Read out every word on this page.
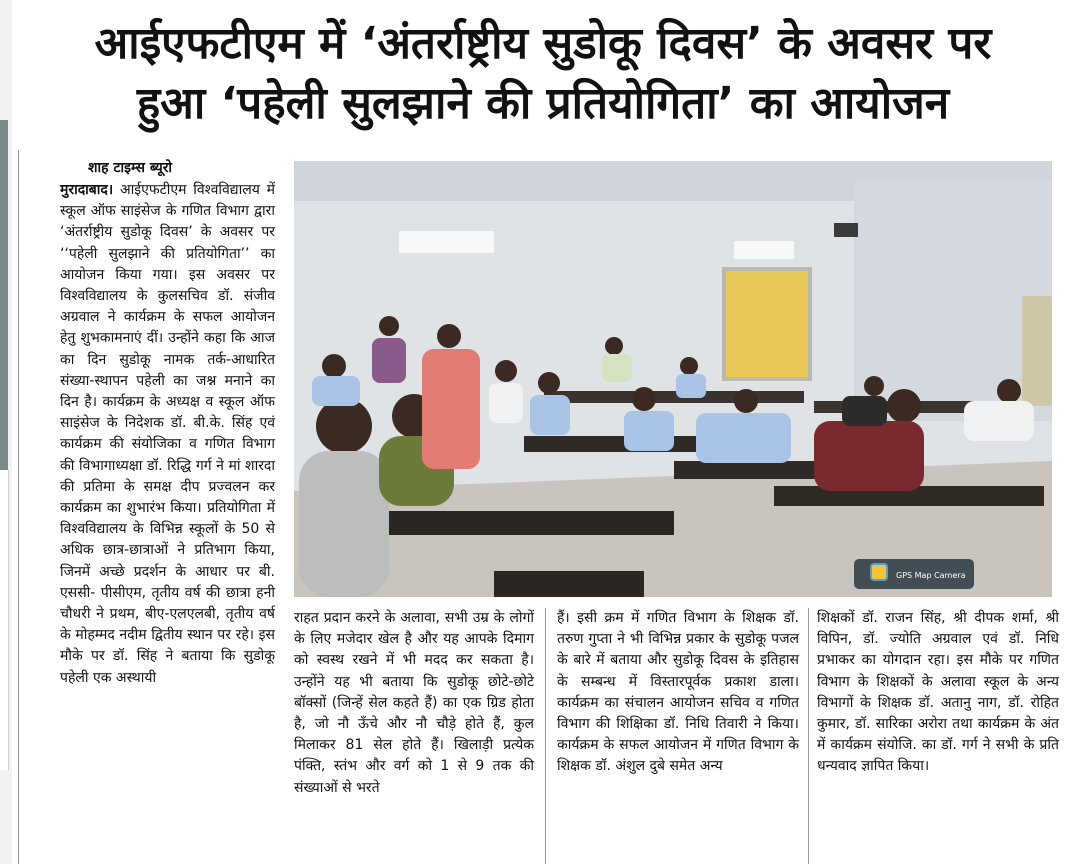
आईएफटीएम में ‘अंतर्राष्ट्रीय सुडोकू दिवस’ के अवसर पर
हुआ ‘पहेली सुलझाने की प्रतियोगिता’ का आयोजन
शाह टाइम्स ब्यूरो
मुरादाबाद। आईएफटीएम विश्वविद्यालय में स्कूल ऑफ साइंसेज के गणित विभाग द्वारा ‘अंतर्राष्ट्रीय सुडोकू दिवस’ के अवसर पर ‘‘पहेली सुलझाने की प्रतियोगिता’’ का आयोजन किया गया। इस अवसर पर विश्वविद्यालय के कुलसचिव डॉ. संजीव अग्रवाल ने कार्यक्रम के सफल आयोजन हेतु शुभकामनाएं दीं। उन्होंने कहा कि आज का दिन सुडोकू नामक तर्क-आधारित संख्या-स्थापन पहेली का जश्न मनाने का दिन है। कार्यक्रम के अध्यक्ष व स्कूल ऑफ साइंसेज के निदेशक डॉ. बी.के. सिंह एवं कार्यक्रम की संयोजिका व गणित विभाग की विभागाध्यक्षा डॉ. रिद्धि गर्ग ने मां शारदा की प्रतिमा के समक्ष दीप प्रज्वलन कर कार्यक्रम का शुभारंभ किया। प्रतियोगिता में विश्वविद्यालय के विभिन्न स्कूलों के 50 से अधिक छात्र-छात्राओं ने प्रतिभाग किया, जिनमें अच्छे प्रदर्शन के आधार पर बी. एससी- पीसीएम, तृतीय वर्ष की छात्रा हनी चौधरी ने प्रथम, बीए-एलएलबी, तृतीय वर्ष के मोहम्मद नदीम द्वितीय स्थान पर रहे। इस मौके पर डॉ. सिंह ने बताया कि सुडोकू पहेली एक अस्थायी
GPS Map Camera
राहत प्रदान करने के अलावा, सभी उम्र के लोगों के लिए मजेदार खेल है और यह आपके दिमाग को स्वस्थ रखने में भी मदद कर सकता है। उन्होंने यह भी बताया कि सुडोकू छोटे-छोटे बॉक्सों (जिन्हें सेल कहते हैं) का एक ग्रिड होता है, जो नौ ऊँचे और नौ चौड़े होते हैं, कुल मिलाकर 81 सेल होते हैं। खिलाड़ी प्रत्येक पंक्ति, स्तंभ और वर्ग को 1 से 9 तक की संख्याओं से भरते
हैं। इसी क्रम में गणित विभाग के शिक्षक डॉ. तरुण गुप्ता ने भी विभिन्न प्रकार के सुडोकू पजल के बारे में बताया और सुडोकू दिवस के इतिहास के सम्बन्ध में विस्तारपूर्वक प्रकाश डाला। कार्यक्रम का संचालन आयोजन सचिव व गणित विभाग की शिक्षिका डॉ. निधि तिवारी ने किया। कार्यक्रम के सफल आयोजन में गणित विभाग के शिक्षक डॉ. अंशुल दुबे समेत अन्य
शिक्षकों डॉ. राजन सिंह, श्री दीपक शर्मा, श्री विपिन, डॉ. ज्योति अग्रवाल एवं डॉ. निधि प्रभाकर का योगदान रहा। इस मौके पर गणित विभाग के शिक्षकों के अलावा स्कूल के अन्य विभागों के शिक्षक डॉ. अतानु नाग, डॉ. रोहित कुमार, डॉ. सारिका अरोरा तथा कार्यक्रम के अंत में कार्यक्रम संयोजि. का डॉ. गर्ग ने सभी के प्रति धन्यवाद ज्ञापित किया।
